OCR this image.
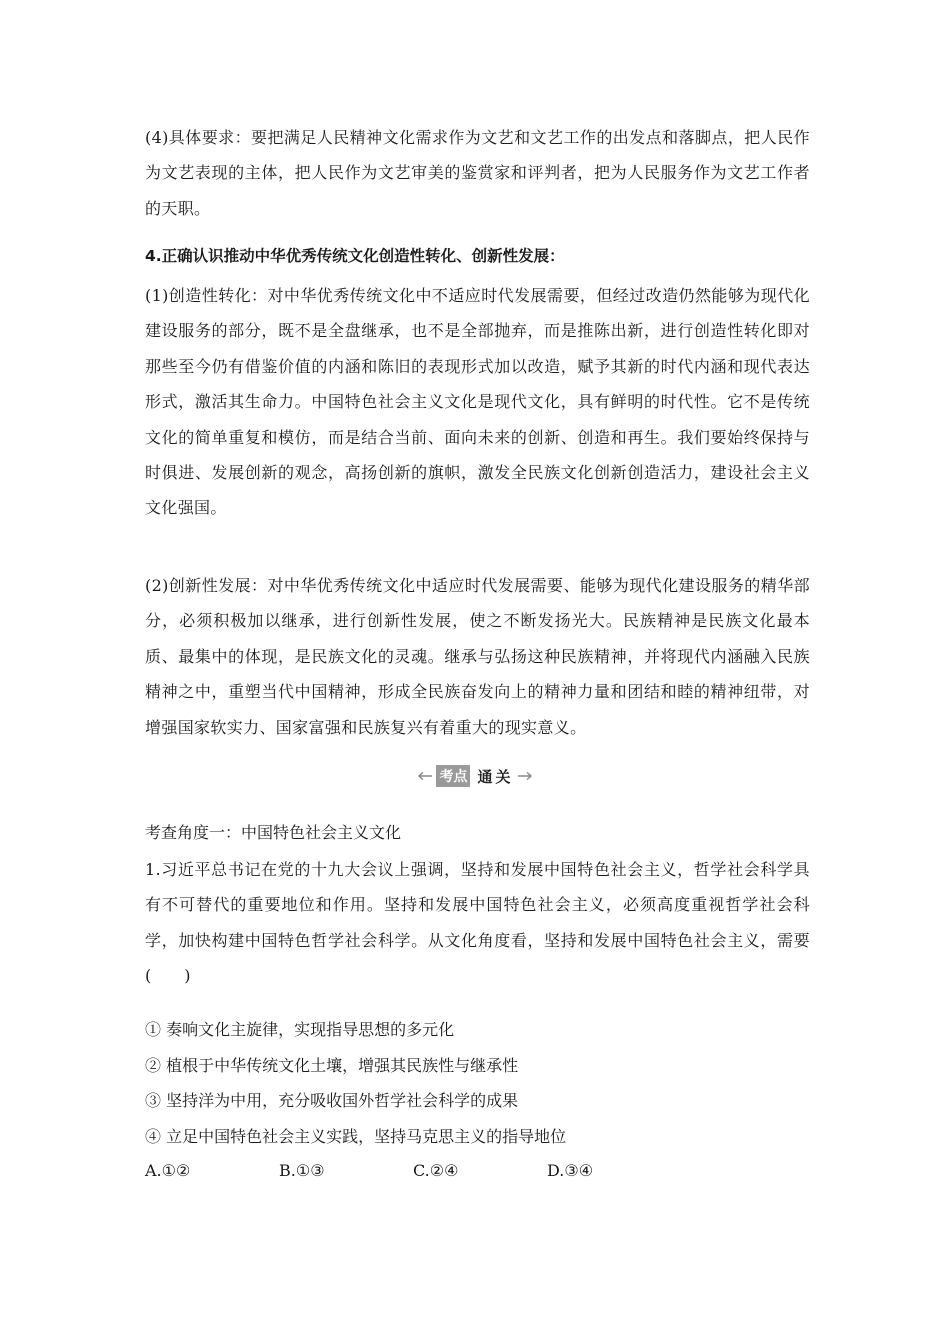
(4)具体要求：要把满足人民精神文化需求作为文艺和文艺工作的出发点和落脚点，把人民作为文艺表现的主体，把人民作为文艺审美的鉴赏家和评判者，把为人民服务作为文艺工作者的天职。
4.正确认识推动中华优秀传统文化创造性转化、创新性发展：
(1)创造性转化：对中华优秀传统文化中不适应时代发展需要，但经过改造仍然能够为现代化建设服务的部分，既不是全盘继承，也不是全部抛弃，而是推陈出新，进行创造性转化即对那些至今仍有借鉴价值的内涵和陈旧的表现形式加以改造，赋予其新的时代内涵和现代表达形式，激活其生命力。中国特色社会主义文化是现代文化，具有鲜明的时代性。它不是传统文化的简单重复和模仿，而是结合当前、面向未来的创新、创造和再生。我们要始终保持与时俱进、发展创新的观念，高扬创新的旗帜，激发全民族文化创新创造活力，建设社会主义文化强国。
(2)创新性发展：对中华优秀传统文化中适应时代发展需要、能够为现代化建设服务的精华部分，必须积极加以继承，进行创新性发展，使之不断发扬光大。民族精神是民族文化最本质、最集中的体现，是民族文化的灵魂。继承与弘扬这种民族精神，并将现代内涵融入民族精神之中，重塑当代中国精神，形成全民族奋发向上的精神力量和团结和睦的精神纽带，对增强国家软实力、国家富强和民族复兴有着重大的现实意义。
考点 通关
考查角度一：中国特色社会主义文化
1.习近平总书记在党的十九大会议上强调，坚持和发展中国特色社会主义，哲学社会科学具有不可替代的重要地位和作用。坚持和发展中国特色社会主义，必须高度重视哲学社会科学，加快构建中国特色哲学社会科学。从文化角度看，坚持和发展中国特色社会主义，需要　　(　　)
① 奏响文化主旋律，实现指导思想的多元化
② 植根于中华传统文化土壤，增强其民族性与继承性
③ 坚持洋为中用，充分吸收国外哲学社会科学的成果
④ 立足中国特色社会主义实践，坚持马克思主义的指导地位
A.①②	B.①③	C.②④	D.③④
